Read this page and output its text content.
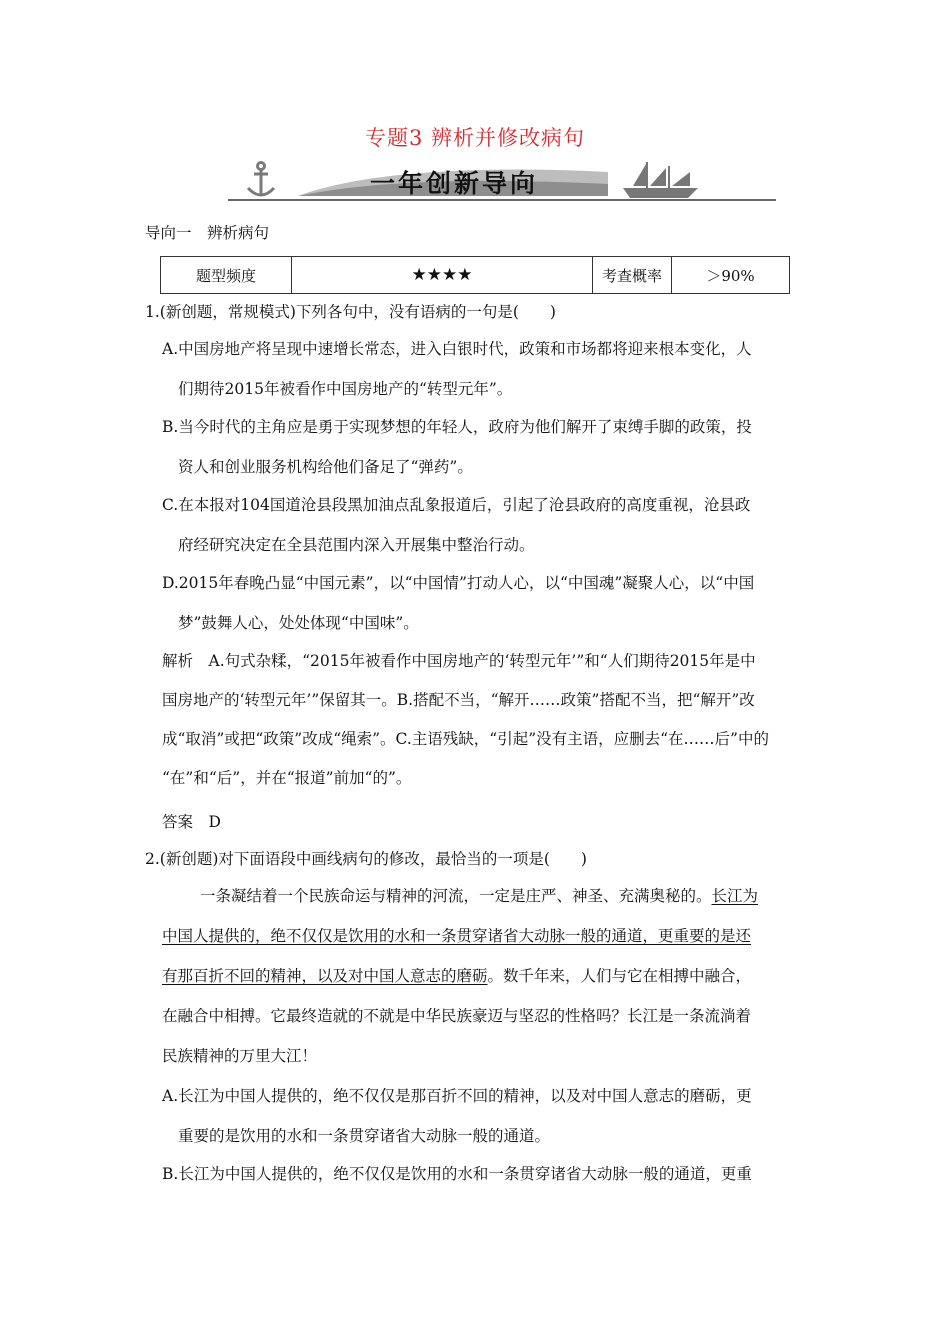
专题3 辨析并修改病句
一年创新导向
导向一　辨析病句
题型频度	★★★★	考查概率	＞90%
1.(新创题，常规模式)下列各句中，没有语病的一句是(　　)
A.中国房地产将呈现中速增长常态，进入白银时代，政策和市场都将迎来根本变化，人
们期待2015年被看作中国房地产的“转型元年”。
B.当今时代的主角应是勇于实现梦想的年轻人，政府为他们解开了束缚手脚的政策，投
资人和创业服务机构给他们备足了“弹药”。
C.在本报对104国道沧县段黑加油点乱象报道后，引起了沧县政府的高度重视，沧县政
府经研究决定在全县范围内深入开展集中整治行动。
D.2015年春晚凸显“中国元素”，以“中国情”打动人心，以“中国魂”凝聚人心，以“中国
梦”鼓舞人心，处处体现“中国味”。
解析　A.句式杂糅，“2015年被看作中国房地产的‘转型元年’”和“人们期待2015年是中
国房地产的‘转型元年’”保留其一。B.搭配不当，“解开……政策”搭配不当，把“解开”改
成“取消”或把“政策”改成“绳索”。C.主语残缺，“引起”没有主语，应删去“在……后”中的
“在”和“后”，并在“报道”前加“的”。
答案　D
2.(新创题)对下面语段中画线病句的修改，最恰当的一项是(　　)
一条凝结着一个民族命运与精神的河流，一定是庄严、神圣、充满奥秘的。长江为
中国人提供的，绝不仅仅是饮用的水和一条贯穿诸省大动脉一般的通道，更重要的是还
有那百折不回的精神，以及对中国人意志的磨砺。数千年来，人们与它在相搏中融合，
在融合中相搏。它最终造就的不就是中华民族豪迈与坚忍的性格吗？长江是一条流淌着
民族精神的万里大江！
A.长江为中国人提供的，绝不仅仅是那百折不回的精神，以及对中国人意志的磨砺，更
重要的是饮用的水和一条贯穿诸省大动脉一般的通道。
B.长江为中国人提供的，绝不仅仅是饮用的水和一条贯穿诸省大动脉一般的通道，更重
